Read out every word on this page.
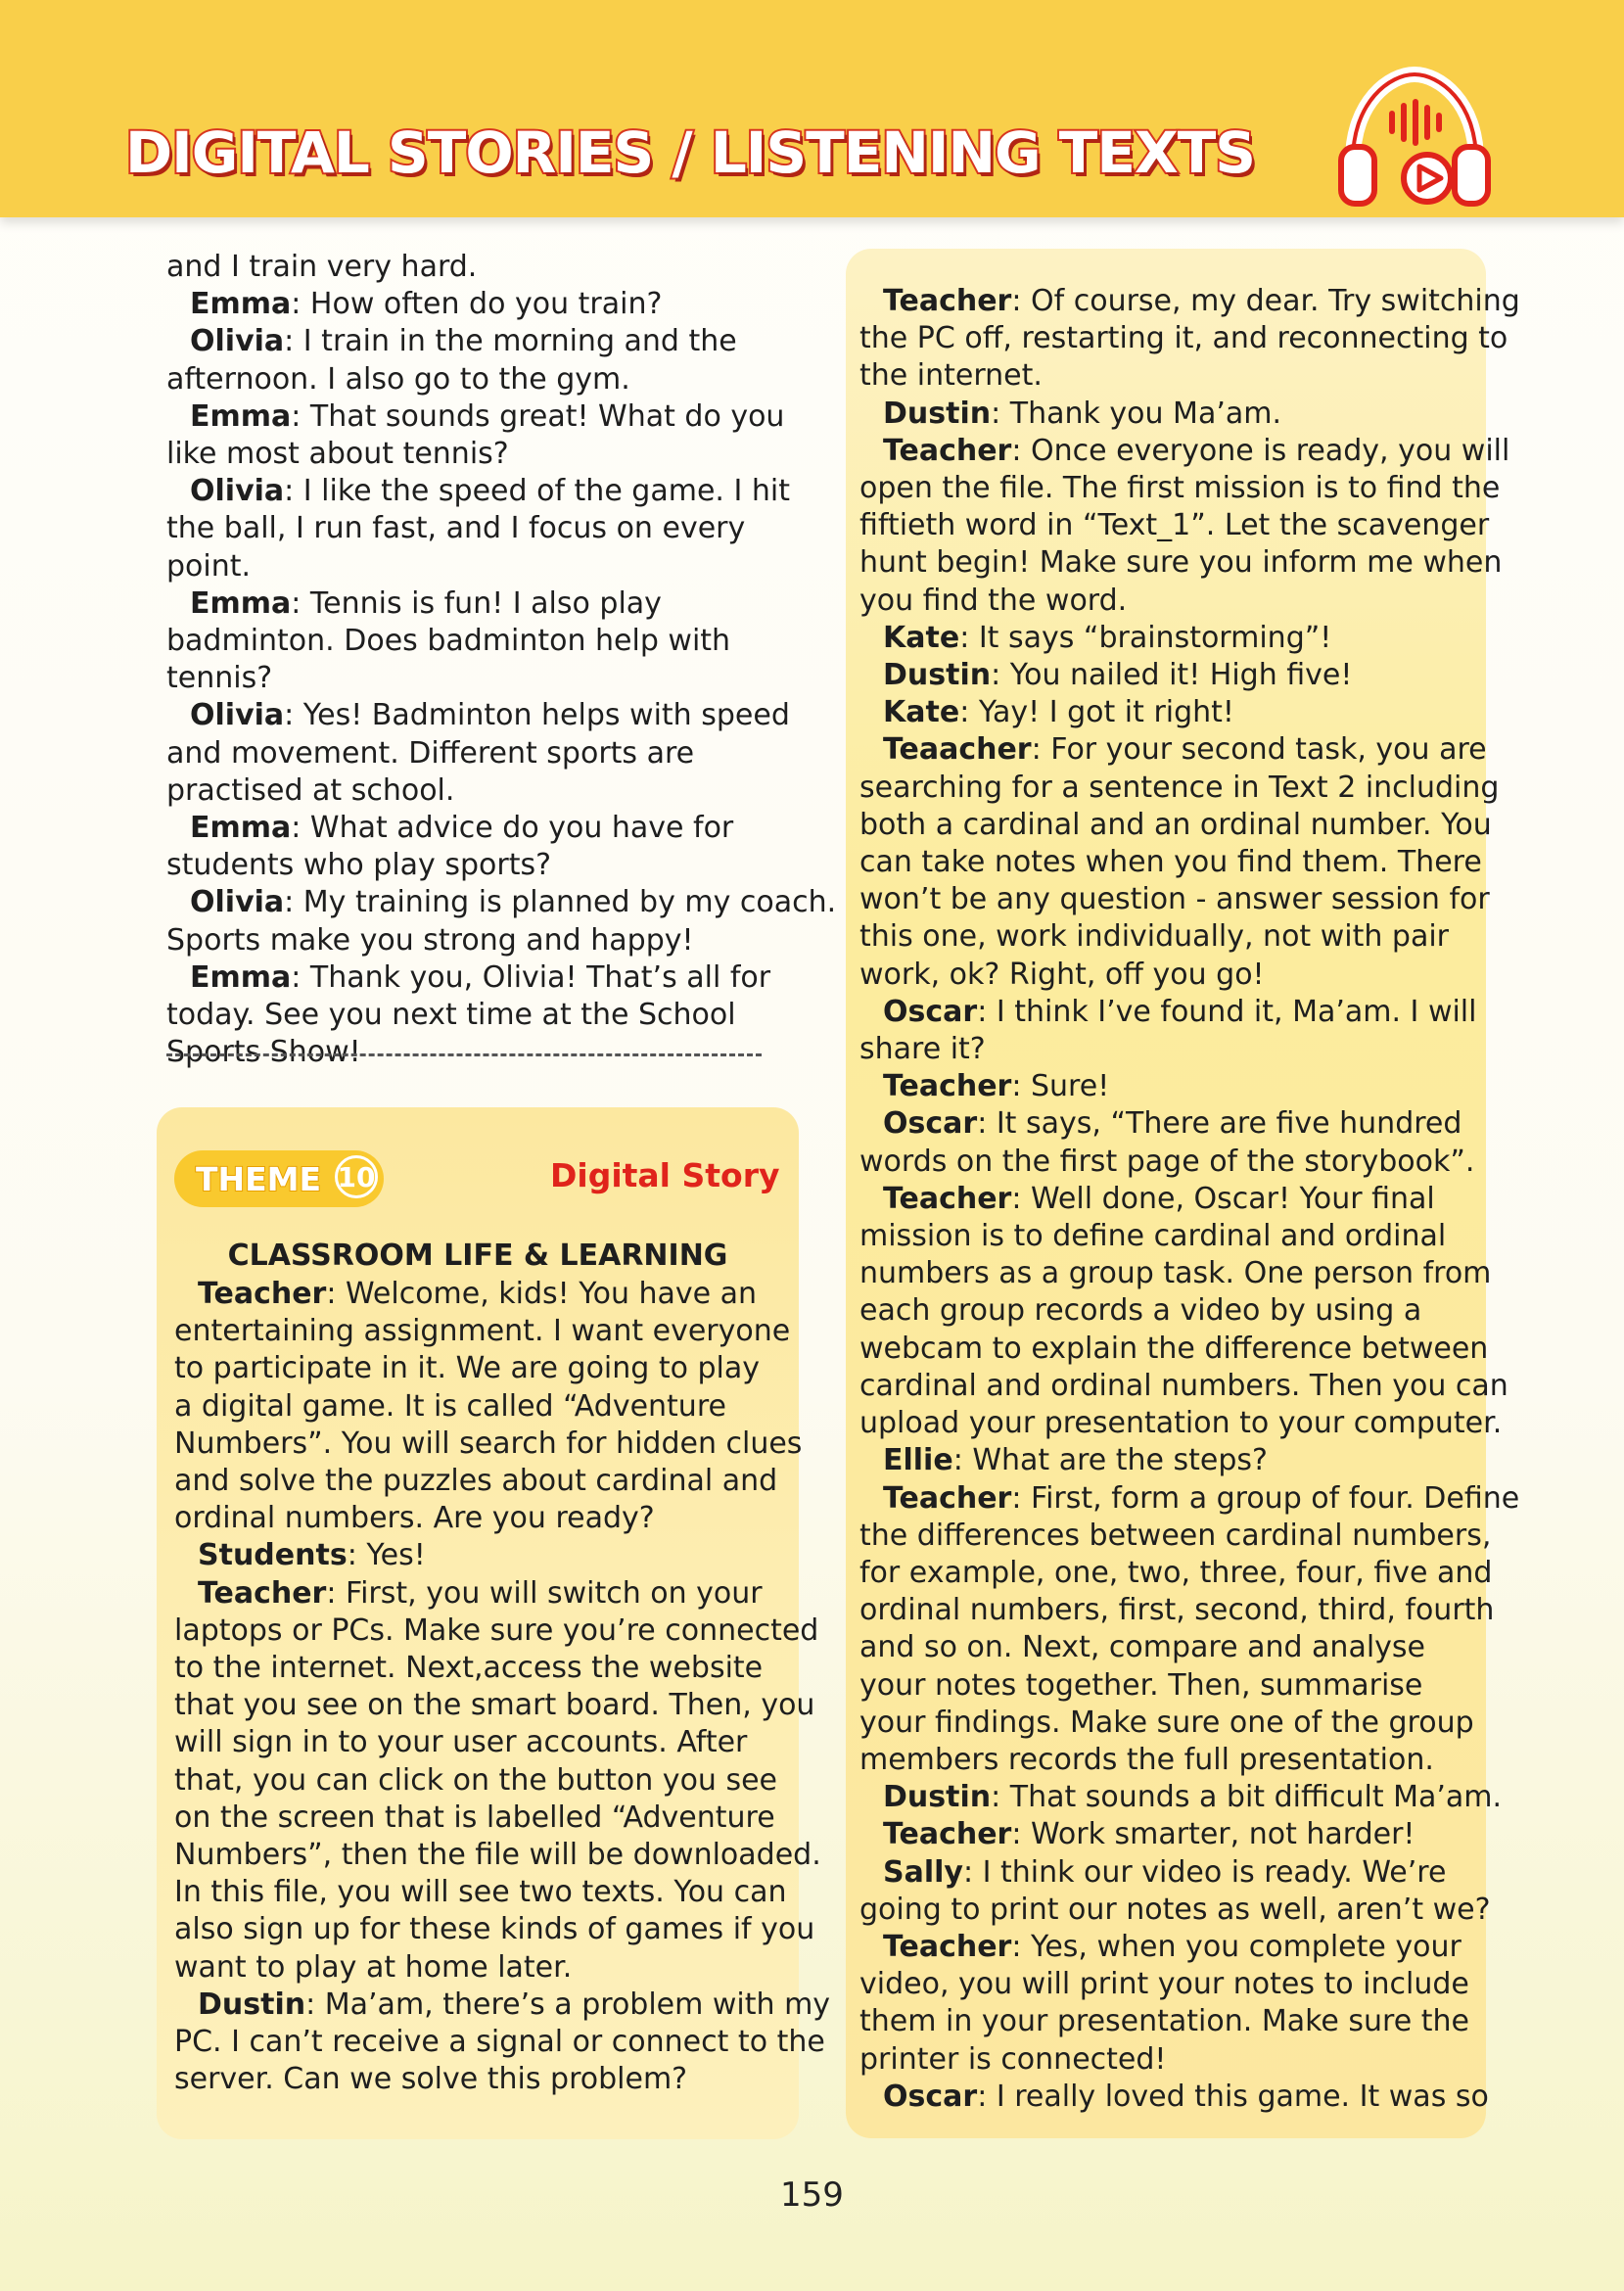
DIGITAL STORIES / LISTENING TEXTS

and I train very hard.

Emma: How often do you train?

Olivia: I train in the morning and the

afternoon. I also go to the gym.

Emma: That sounds great! What do you

like most about tennis?

Olivia: I like the speed of the game. I hit

the ball, I run fast, and I focus on every

point.

Emma: Tennis is fun! I also play

badminton. Does badminton help with

tennis?

Olivia: Yes! Badminton helps with speed

and movement. Different sports are

practised at school.

Emma: What advice do you have for

students who play sports?

Olivia: My training is planned by my coach.

Sports make you strong and happy!

Emma: Thank you, Olivia! That’s all for

today. See you next time at the School

Sports Show!

THEME 10	Digital Story
CLASSROOM LIFE & LEARNING

Teacher: Welcome, kids! You have an

entertaining assignment. I want everyone

to participate in it. We are going to play

a digital game. It is called “Adventure

Numbers”. You will search for hidden clues

and solve the puzzles about cardinal and

ordinal numbers. Are you ready?

Students: Yes!

Teacher: First, you will switch on your

laptops or PCs. Make sure you’re connected

to the internet. Next,access the website

that you see on the smart board. Then, you

will sign in to your user accounts. After

that, you can click on the button you see

on the screen that is labelled “Adventure

Numbers”, then the file will be downloaded.

In this file, you will see two texts. You can

also sign up for these kinds of games if you

want to play at home later.

Dustin: Ma’am, there’s a problem with my

PC. I can’t receive a signal or connect to the

server. Can we solve this problem?

Teacher: Of course, my dear. Try switching

the PC off, restarting it, and reconnecting to

the internet.

Dustin: Thank you Ma’am.

Teacher: Once everyone is ready, you will

open the file. The first mission is to find the

fiftieth word in “Text_1”. Let the scavenger

hunt begin! Make sure you inform me when

you find the word.

Kate: It says “brainstorming”!

Dustin: You nailed it! High five!

Kate: Yay! I got it right!

Teaacher: For your second task, you are

searching for a sentence in Text 2 including

both a cardinal and an ordinal number. You

can take notes when you find them. There

won’t be any question - answer session for

this one, work individually, not with pair

work, ok? Right, off you go!

Oscar: I think I’ve found it, Ma’am. I will

share it?

Teacher: Sure!

Oscar: It says, “There are five hundred

words on the first page of the storybook”.

Teacher: Well done, Oscar! Your final

mission is to define cardinal and ordinal

numbers as a group task. One person from

each group records a video by using a

webcam to explain the difference between

cardinal and ordinal numbers. Then you can

upload your presentation to your computer.

Ellie: What are the steps?

Teacher: First, form a group of four. Define

the differences between cardinal numbers,

for example, one, two, three, four, five and

ordinal numbers, first, second, third, fourth

and so on. Next, compare and analyse

your notes together. Then, summarise

your findings. Make sure one of the group

members records the full presentation.

Dustin: That sounds a bit difficult Ma’am.

Teacher: Work smarter, not harder!

Sally: I think our video is ready. We’re

going to print our notes as well, aren’t we?

Teacher: Yes, when you complete your

video, you will print your notes to include

them in your presentation. Make sure the

printer is connected!

Oscar: I really loved this game. It was so

159
